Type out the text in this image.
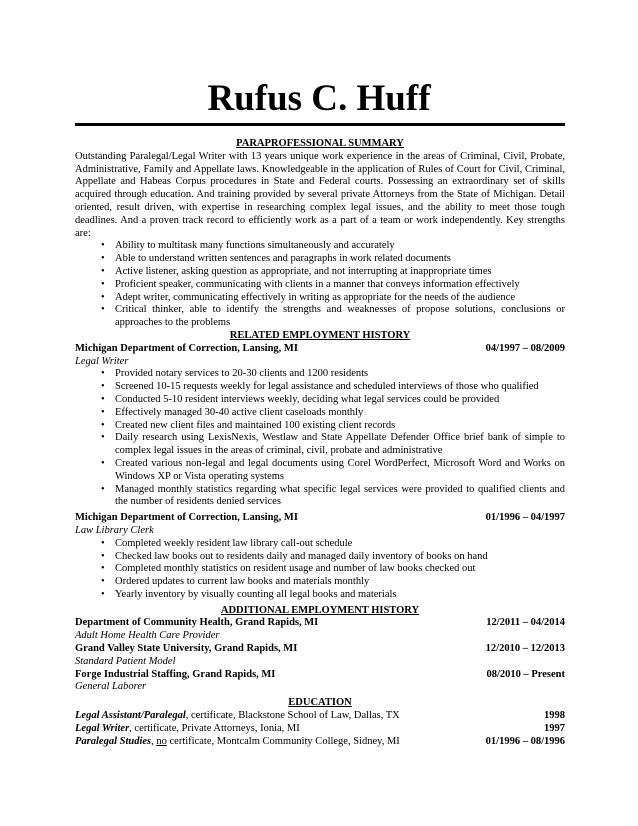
Rufus C. Huff
PARAPROFESSIONAL SUMMARY
Outstanding Paralegal/Legal Writer with 13 years unique work experience in the areas of Criminal, Civil, Probate, Administrative, Family and Appellate laws. Knowledgeable in the application of Rules of Court for Civil, Criminal, Appellate and Habeas Corpus procedures in State and Federal courts. Possessing an extraordinary set of skills acquired through education. And training provided by several private Attorneys from the State of Michigan. Detail oriented, result driven, with expertise in researching complex legal issues, and the ability to meet those tough deadlines. And a proven track record to efficiently work as a part of a team or work independently. Key strengths are:
• Ability to multitask many functions simultaneously and accurately
• Able to understand written sentences and paragraphs in work related documents
• Active listener, asking question as appropriate, and not interrupting at inappropriate times
• Proficient speaker, communicating with clients in a manner that conveys information effectively
• Adept writer, communicating effectively in writing as appropriate for the needs of the audience
• Critical thinker, able to identify the strengths and weaknesses of propose solutions, conclusions or approaches to the problems
RELATED EMPLOYMENT HISTORY
Michigan Department of Correction, Lansing, MI	04/1997 – 08/2009
Legal Writer
• Provided notary services to 20-30 clients and 1200 residents
• Screened 10-15 requests weekly for legal assistance and scheduled interviews of those who qualified
• Conducted 5-10 resident interviews weekly, deciding what legal services could be provided
• Effectively managed 30-40 active client caseloads monthly
• Created new client files and maintained 100 existing client records
• Daily research using LexisNexis, Westlaw and State Appellate Defender Office brief bank of simple to complex legal issues in the areas of criminal, civil, probate and administrative
• Created various non-legal and legal documents using Corel WordPerfect, Microsoft Word and Works on Windows XP or Vista operating systems
• Managed monthly statistics regarding what specific legal services were provided to qualified clients and the number of residents denied services
Michigan Department of Correction, Lansing, MI	01/1996 – 04/1997
Law Library Clerk
• Completed weekly resident law library call-out schedule
• Checked law books out to residents daily and managed daily inventory of books on hand
• Completed monthly statistics on resident usage and number of law books checked out
• Ordered updates to current law books and materials monthly
• Yearly inventory by visually counting all legal books and materials
ADDITIONAL EMPLOYMENT HISTORY
Department of Community Health, Grand Rapids, MI	12/2011 – 04/2014
Adult Home Health Care Provider
Grand Valley State University, Grand Rapids, MI	12/2010 – 12/2013
Standard Patient Model
Forge Industrial Staffing, Grand Rapids, MI	08/2010 – Present
General Laborer
EDUCATION
Legal Assistant/Paralegal, certificate, Blackstone School of Law, Dallas, TX	1998
Legal Writer, certificate, Private Attorneys, Ionia, MI	1997
Paralegal Studies, no certificate, Montcalm Community College, Sidney, MI	01/1996 – 08/1996
